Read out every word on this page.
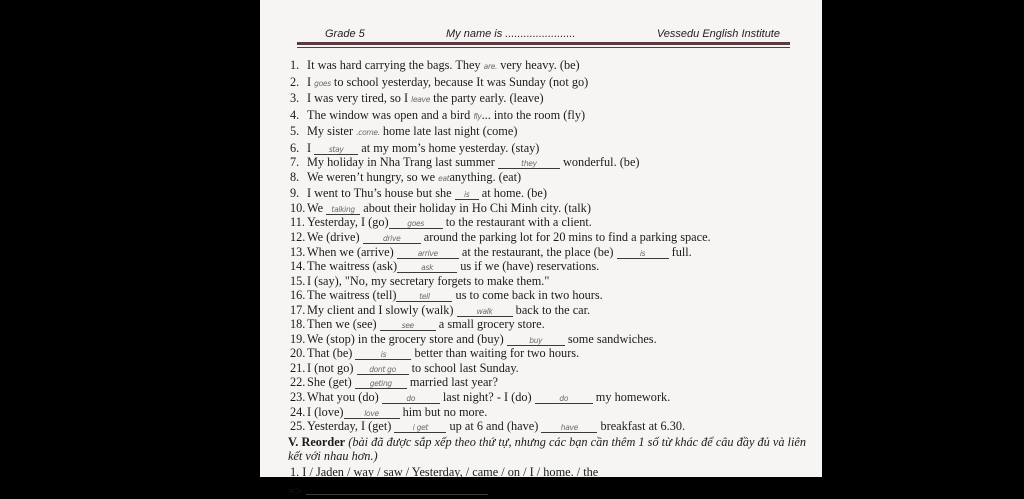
Grade 5	My name is .......................	Vessedu English Institute
1. It was hard carrying the bags. They are. very heavy. (be)
2. I goes to school yesterday, because It was Sunday (not go)
3. I was very tired, so I leave the party early. (leave)
4. The window was open and a bird fly... into the room (fly)
5. My sister .come. home late last night (come)
6. I stay at my mom’s home yesterday. (stay)
7. My holiday in Nha Trang last summer	they wonderful. (be)
8. We weren’t hungry, so we eatanything. (eat)
9. I went to Thu’s house but she is at home. (be)
10. We talking about their holiday in Ho Chi Minh city. (talk)
11. Yesterday, I (go) goes to the restaurant with a client.
12. We (drive)	drive around the parking lot for 20 mins to find a parking space.
13. When we (arrive)	arrive at the restaurant, the place (be)	is full.
14. The waitress (ask)	ask us if we (have) reservations.
15. I (say), "No, my secretary forgets to make them."
16. The waitress (tell)	tell us to come back in two hours.
17. My client and I slowly (walk)	walk back to the car.
18. Then we (see)	see a small grocery store.
19. We (stop) in the grocery store and (buy)	buy some sandwiches.
20. That (be)	is better than waiting for two hours.
21. I (not go) dont go to school last Sunday.
22. She (get) geting married last year?
23. What you (do)	do last night? - I (do)	do my homework.
24. I (love)	love him but no more.
25. Yesterday, I (get) i get up at 6 and (have)	have breakfast at 6.30.
V. Reorder (bài đã được sắp xếp theo thứ tự, nhưng các bạn cần thêm 1 số từ khác để câu đầy đủ và liên kết với nhau hơn.)
1. I / Jaden / way / saw / Yesterday, / came / on / I / home. / the
=>
